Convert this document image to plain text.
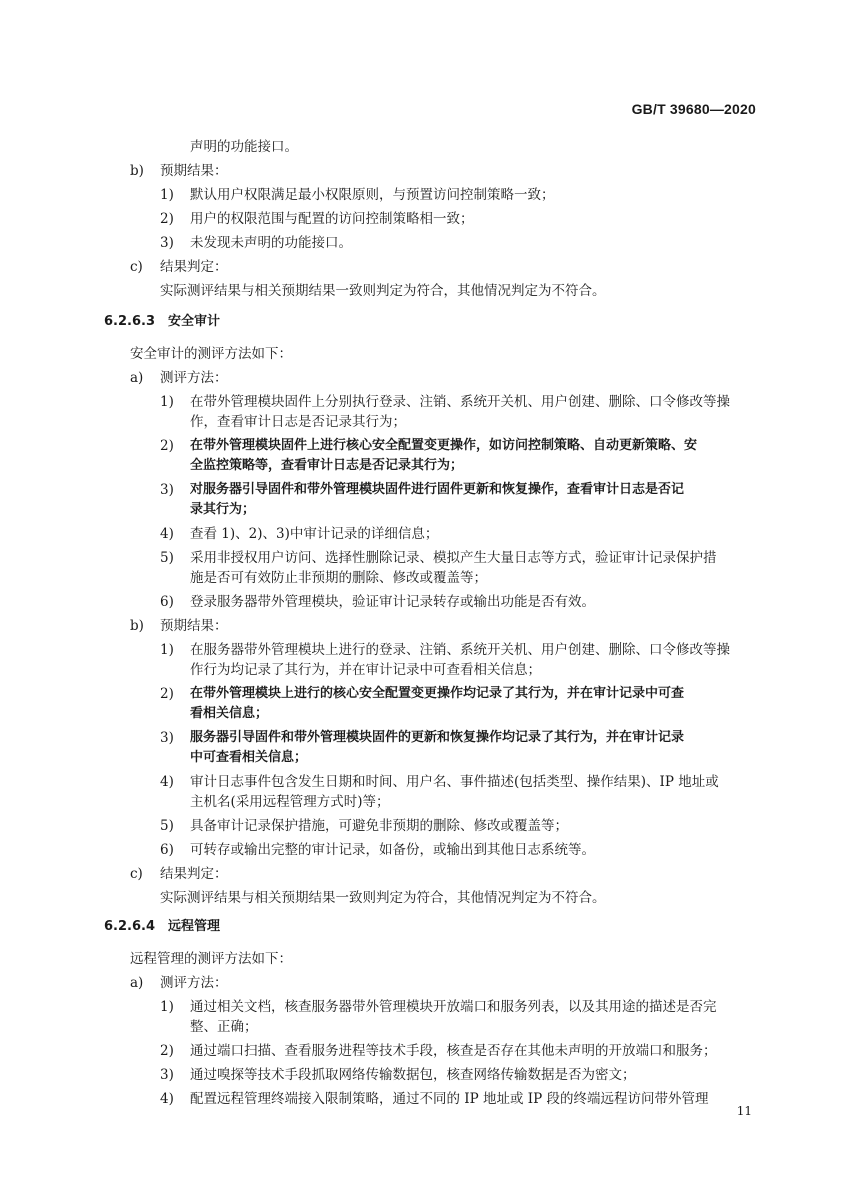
GB/T 39680—2020
声明的功能接口。
b) 预期结果：
1) 默认用户权限满足最小权限原则，与预置访问控制策略一致；
2) 用户的权限范围与配置的访问控制策略相一致；
3) 未发现未声明的功能接口。
c) 结果判定：
实际测评结果与相关预期结果一致则判定为符合，其他情况判定为不符合。
6.2.6.3 安全审计
安全审计的测评方法如下：
a) 测评方法：
1) 在带外管理模块固件上分别执行登录、注销、系统开关机、用户创建、删除、口令修改等操
作，查看审计日志是否记录其行为；
2) 在带外管理模块固件上进行核心安全配置变更操作，如访问控制策略、自动更新策略、安
全监控策略等，查看审计日志是否记录其行为；
3) 对服务器引导固件和带外管理模块固件进行固件更新和恢复操作，查看审计日志是否记
录其行为；
4) 查看 1)、2)、3)中审计记录的详细信息；
5) 采用非授权用户访问、选择性删除记录、模拟产生大量日志等方式，验证审计记录保护措
施是否可有效防止非预期的删除、修改或覆盖等；
6) 登录服务器带外管理模块，验证审计记录转存或输出功能是否有效。
b) 预期结果：
1) 在服务器带外管理模块上进行的登录、注销、系统开关机、用户创建、删除、口令修改等操
作行为均记录了其行为，并在审计记录中可查看相关信息；
2) 在带外管理模块上进行的核心安全配置变更操作均记录了其行为，并在审计记录中可查
看相关信息；
3) 服务器引导固件和带外管理模块固件的更新和恢复操作均记录了其行为，并在审计记录
中可查看相关信息；
4) 审计日志事件包含发生日期和时间、用户名、事件描述(包括类型、操作结果)、IP 地址或
主机名(采用远程管理方式时)等；
5) 具备审计记录保护措施，可避免非预期的删除、修改或覆盖等；
6) 可转存或输出完整的审计记录，如备份，或输出到其他日志系统等。
c) 结果判定：
实际测评结果与相关预期结果一致则判定为符合，其他情况判定为不符合。
6.2.6.4 远程管理
远程管理的测评方法如下：
a) 测评方法：
1) 通过相关文档，核查服务器带外管理模块开放端口和服务列表，以及其用途的描述是否完
整、正确；
2) 通过端口扫描、查看服务进程等技术手段，核查是否存在其他未声明的开放端口和服务；
3) 通过嗅探等技术手段抓取网络传输数据包，核查网络传输数据是否为密文；
4) 配置远程管理终端接入限制策略，通过不同的 IP 地址或 IP 段的终端远程访问带外管理
11
